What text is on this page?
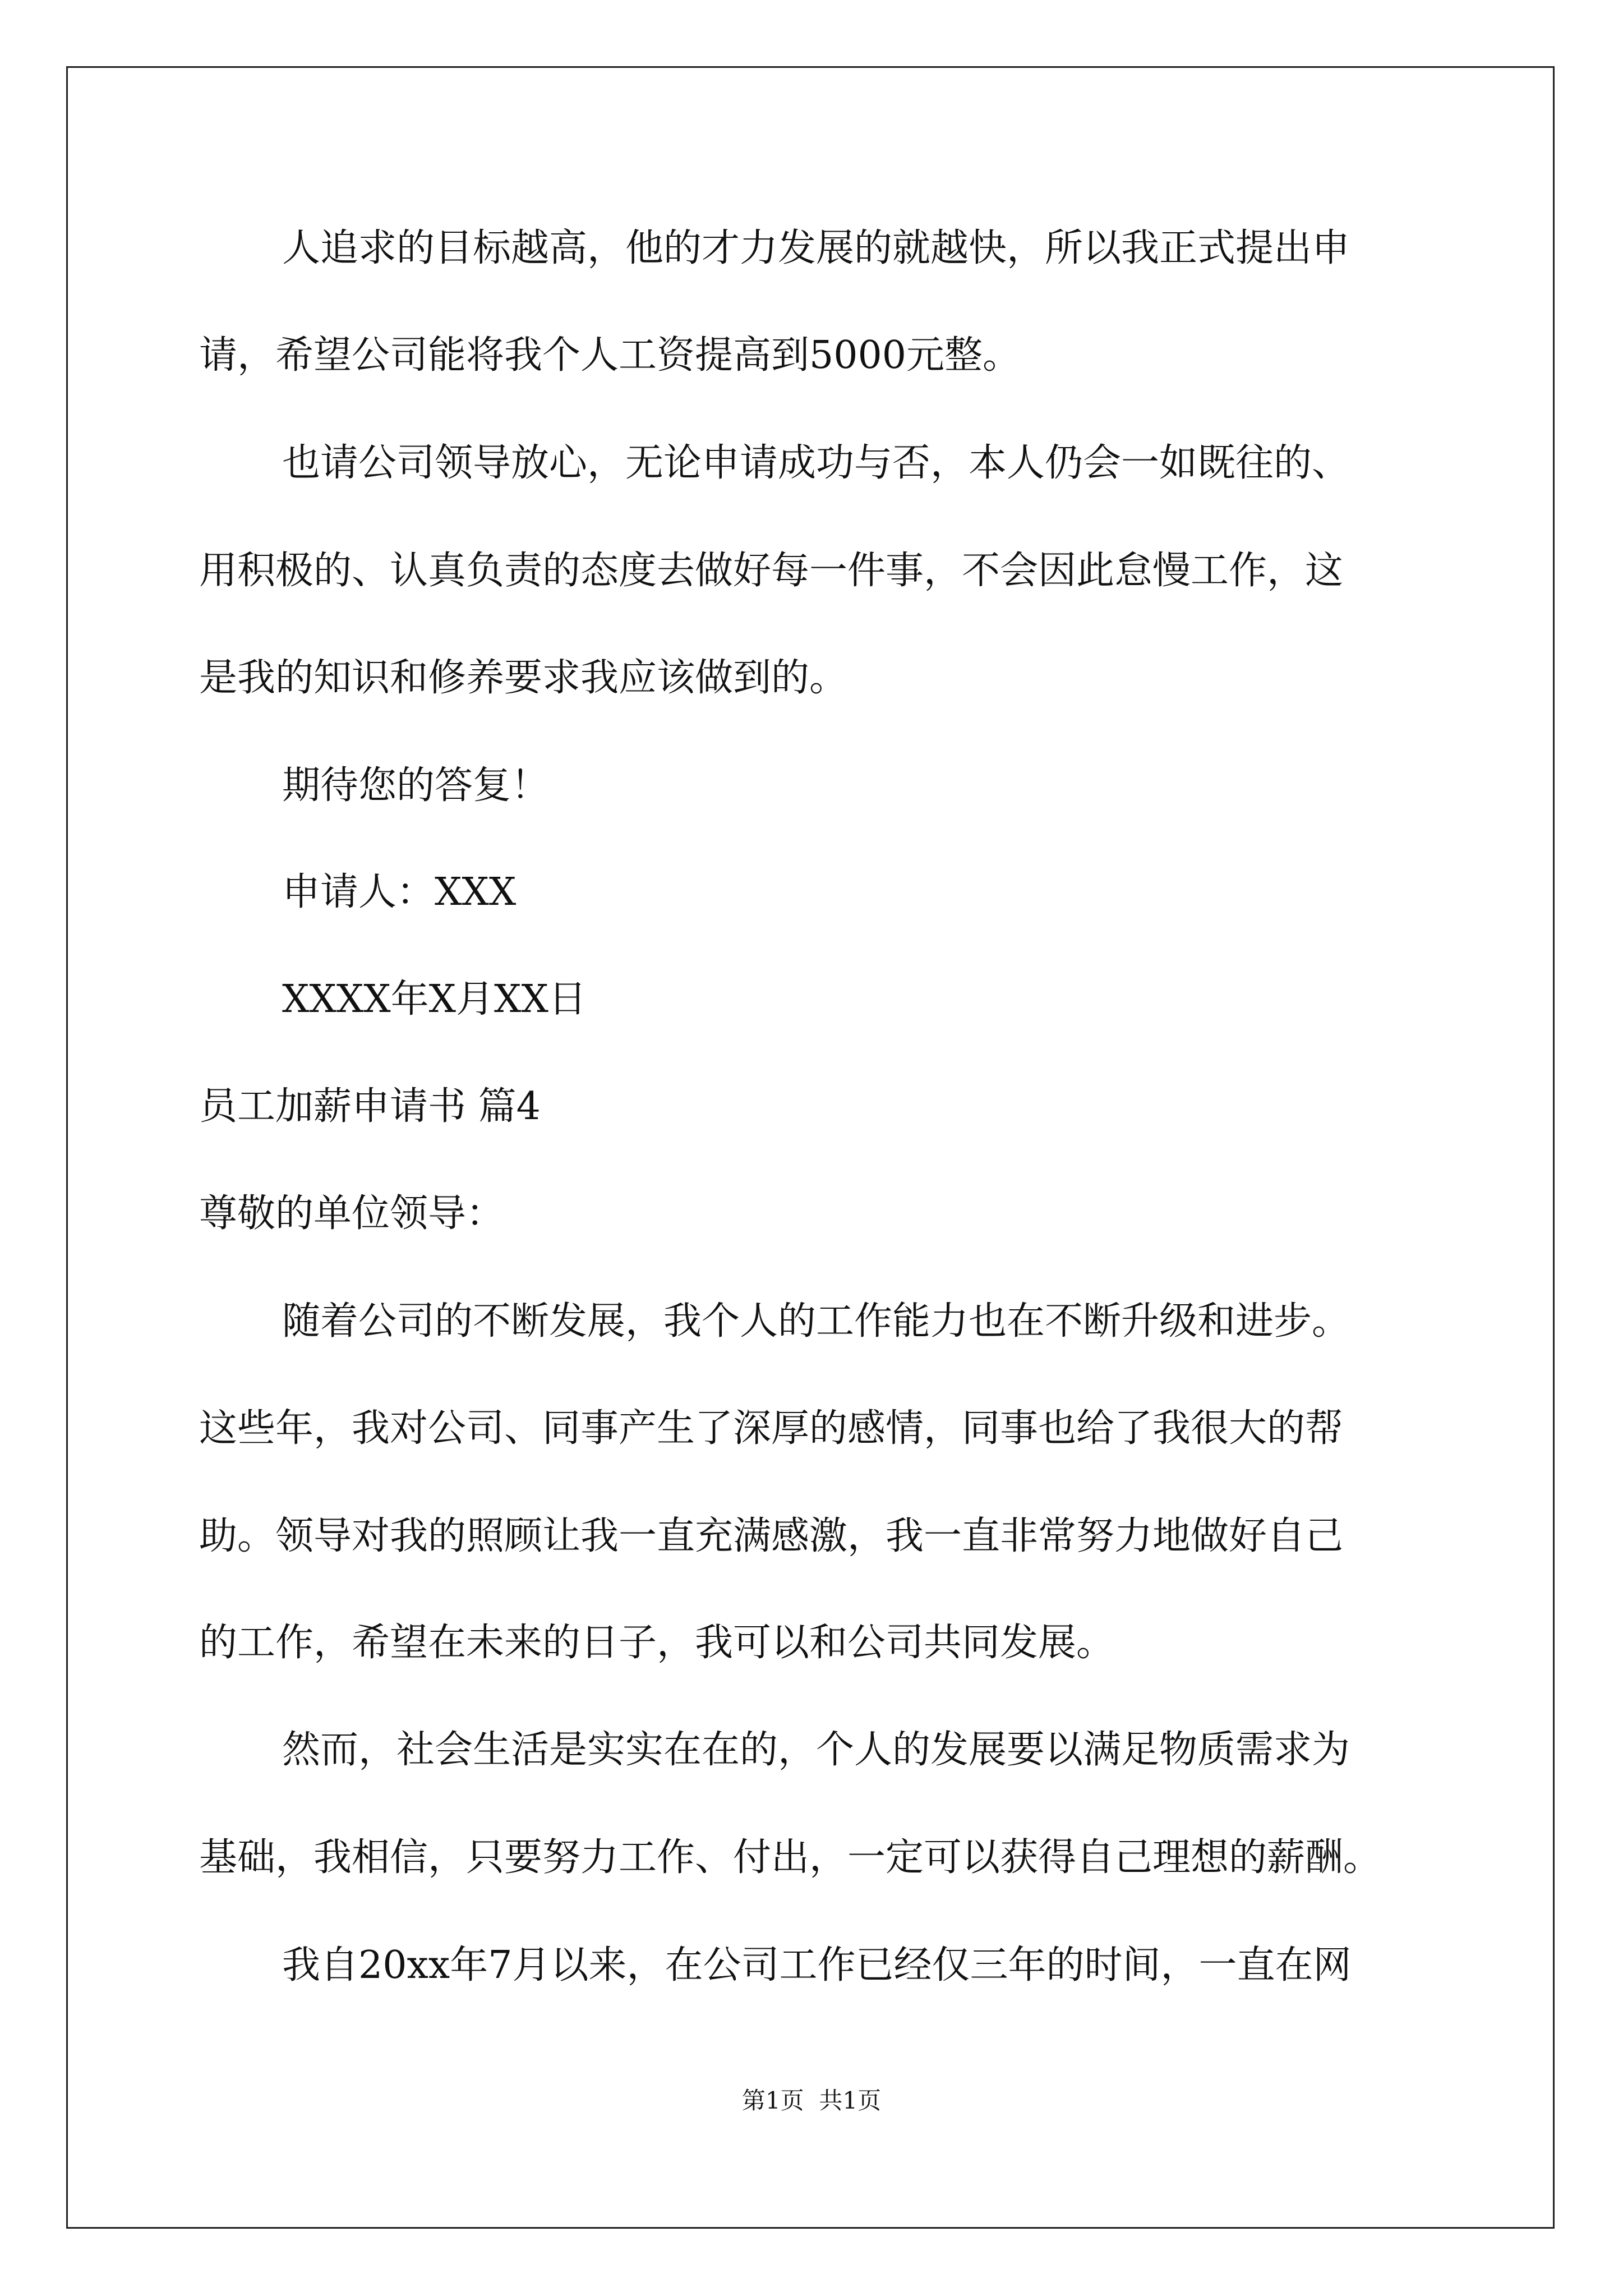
人追求的目标越高，他的才力发展的就越快，所以我正式提出申
请，希望公司能将我个人工资提高到5000元整。
也请公司领导放心，无论申请成功与否，本人仍会一如既往的、
用积极的、认真负责的态度去做好每一件事，不会因此怠慢工作，这
是我的知识和修养要求我应该做到的。
期待您的答复！
申请人：XXX
XXXX年X月XX日
员工加薪申请书 篇4
尊敬的单位领导：
随着公司的不断发展，我个人的工作能力也在不断升级和进步。
这些年，我对公司、同事产生了深厚的感情，同事也给了我很大的帮
助。领导对我的照顾让我一直充满感激，我一直非常努力地做好自己
的工作，希望在未来的日子，我可以和公司共同发展。
然而，社会生活是实实在在的，个人的发展要以满足物质需求为
基础，我相信，只要努力工作、付出，一定可以获得自己理想的薪酬。
我自20xx年7月以来，在公司工作已经仅三年的时间，一直在网
第1页  共1页
